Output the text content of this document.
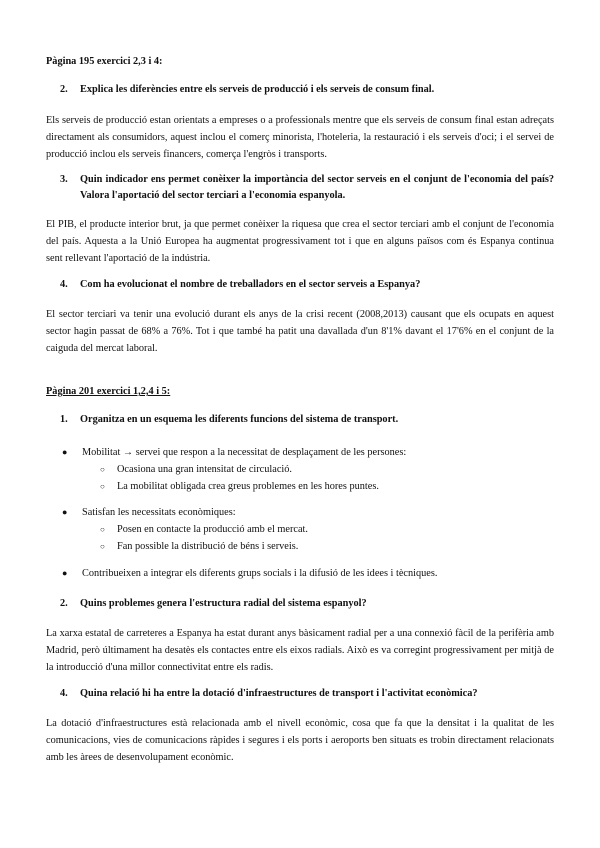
Pàgina 195 exercici 2,3 i 4:
2.	Explica les diferències entre els serveis de producció i els serveis de consum final.
Els serveis de producció estan orientats a empreses o a professionals mentre que els serveis de consum final estan adreçats directament als consumidors, aquest inclou el comerç minorista, l'hoteleria, la restauració i els serveis d'oci; i el servei de producció inclou els serveis financers, comerça l'engròs i transports.
3.	Quin indicador ens permet conèixer la importància del sector serveis en el conjunt de l'economia del país? Valora l'aportació del sector terciari a l'economia espanyola.
El PIB, el producte interior brut, ja que permet conèixer la riquesa que crea el sector terciari amb el conjunt de l'economia del país. Aquesta a la Unió Europea ha augmentat progressivament tot i que en alguns països com és Espanya continua sent rellevant l'aportació de la indústria.
4.	Com ha evolucionat el nombre de treballadors en el sector serveis a Espanya?
El sector terciari va tenir una evolució durant els anys de la crisi recent (2008,2013) causant que els ocupats en aquest sector hagin passat de 68% a 76%. Tot i que també ha patit una davallada d'un 8'1% davant el 17'6% en el conjunt de la caiguda del mercat laboral.
Pàgina 201 exercici 1,2,4 i 5:
1.	Organitza en un esquema les diferents funcions del sistema de transport.
● Mobilitat → servei que respon a la necessitat de desplaçament de les persones:
○ Ocasiona una gran intensitat de circulació.
○ La mobilitat obligada crea greus problemes en les hores puntes.
● Satisfan les necessitats econòmiques:
○ Posen en contacte la producció amb el mercat.
○ Fan possible la distribució de béns i serveis.
● Contribueixen a integrar els diferents grups socials i la difusió de les idees i tècniques.
2.	Quins problemes genera l'estructura radial del sistema espanyol?
La xarxa estatal de carreteres a Espanya ha estat durant anys bàsicament radial per a una connexió fàcil de la perifèria amb Madrid, però últimament ha desatès els contactes entre els eixos radials. Això es va corregint progressivament per mitjà de la introducció d'una millor connectivitat entre els radis.
4.	Quina relació hi ha entre la dotació d'infraestructures de transport i l'activitat econòmica?
La dotació d'infraestructures està relacionada amb el nivell econòmic, cosa que fa que la densitat i la qualitat de les comunicacions, vies de comunicacions ràpides i segures i els ports i aeroports ben situats es trobin directament relacionats amb les àrees de desenvolupament econòmic.
